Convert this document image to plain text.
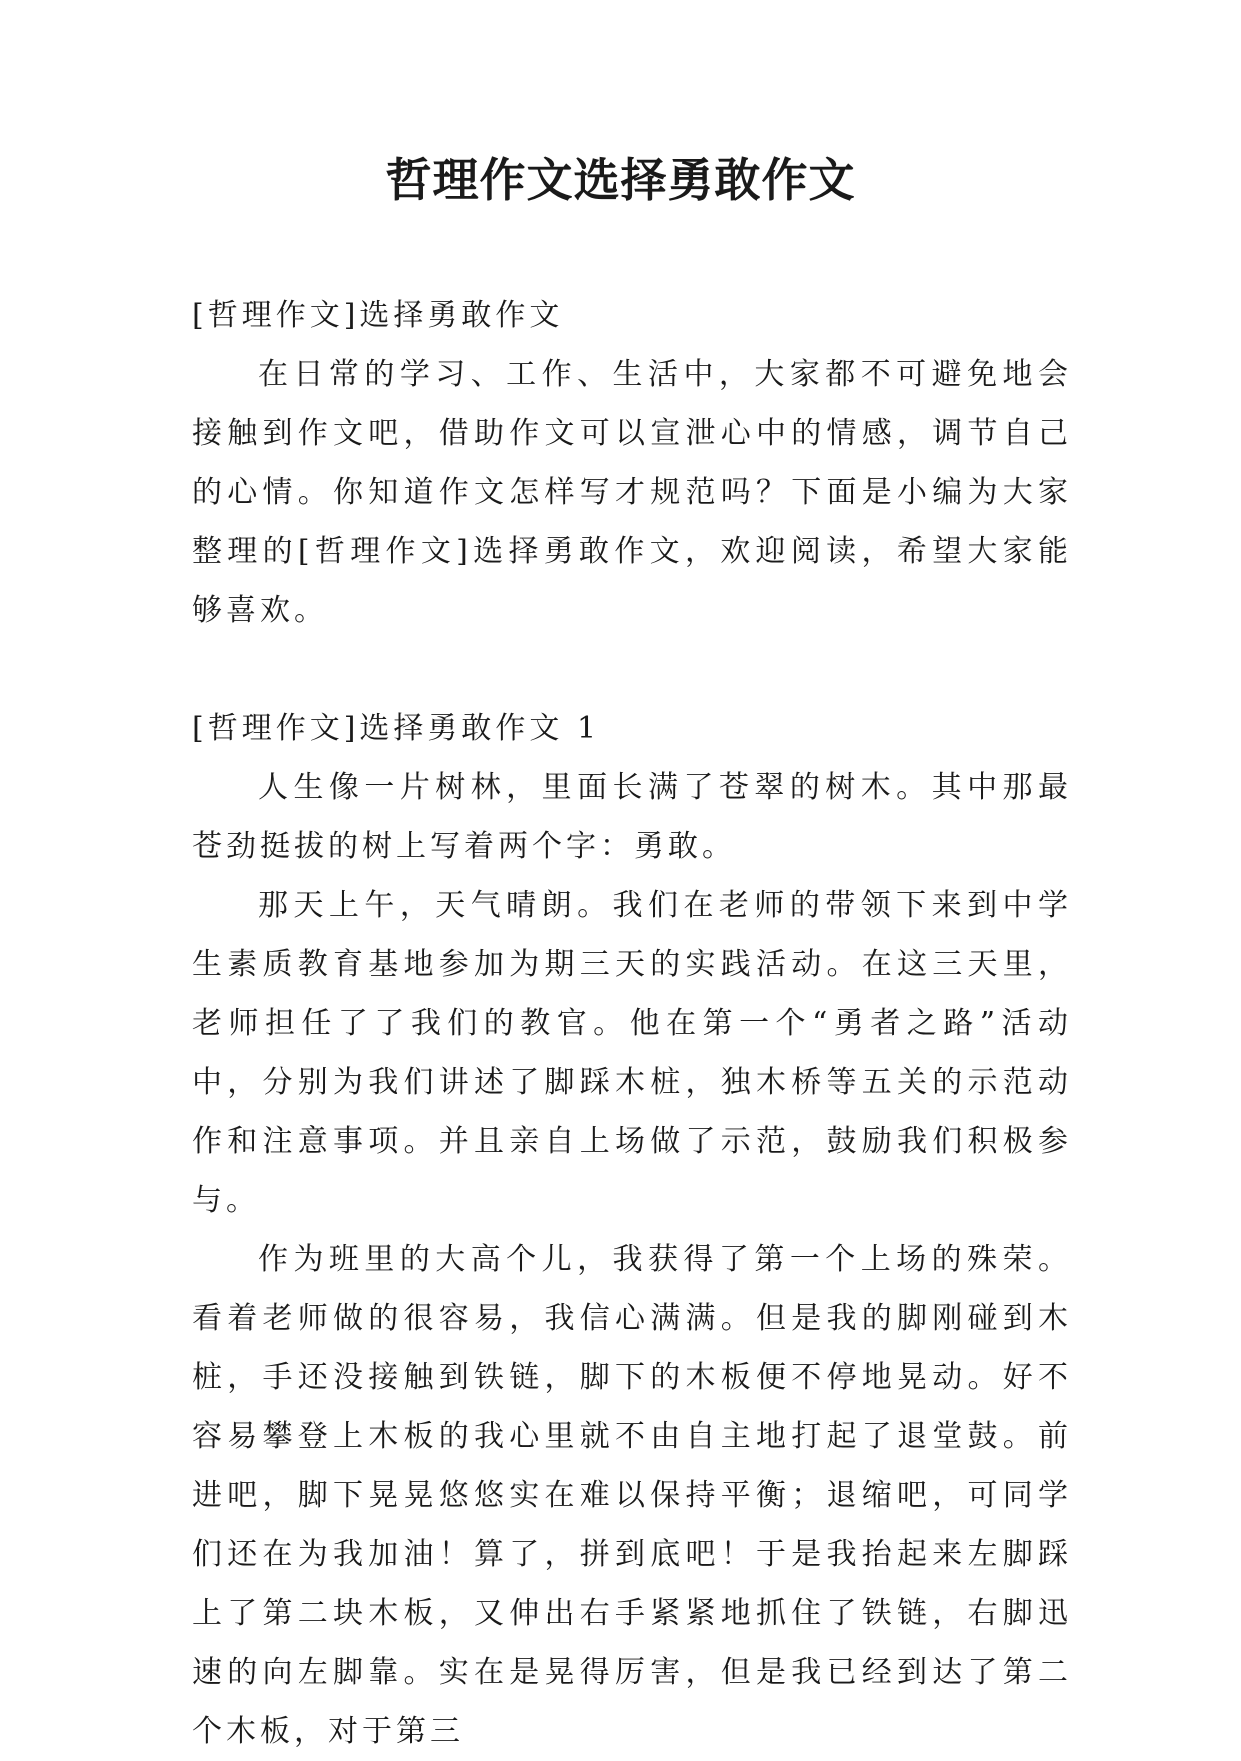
哲理作文选择勇敢作文

[哲理作文]选择勇敢作文

在日常的学习、工作、生活中，大家都不可避免地会接触到作文吧，借助作文可以宣泄心中的情感，调节自己的心情。你知道作文怎样写才规范吗？下面是小编为大家整理的[哲理作文]选择勇敢作文，欢迎阅读，希望大家能够喜欢。

[哲理作文]选择勇敢作文 1

人生像一片树林，里面长满了苍翠的树木。其中那最苍劲挺拔的树上写着两个字：勇敢。

那天上午，天气晴朗。我们在老师的带领下来到中学生素质教育基地参加为期三天的实践活动。在这三天里，老师担任了了我们的教官。他在第一个“勇者之路”活动中，分别为我们讲述了脚踩木桩，独木桥等五关的示范动作和注意事项。并且亲自上场做了示范，鼓励我们积极参与。

作为班里的大高个儿，我获得了第一个上场的殊荣。看着老师做的很容易，我信心满满。但是我的脚刚碰到木桩，手还没接触到铁链，脚下的木板便不停地晃动。好不容易攀登上木板的我心里就不由自主地打起了退堂鼓。前进吧，脚下晃晃悠悠实在难以保持平衡；退缩吧，可同学们还在为我加油！算了，拼到底吧！于是我抬起来左脚踩上了第二块木板，又伸出右手紧紧地抓住了铁链，右脚迅速的向左脚靠。实在是晃得厉害，但是我已经到达了第二个木板，对于第三
